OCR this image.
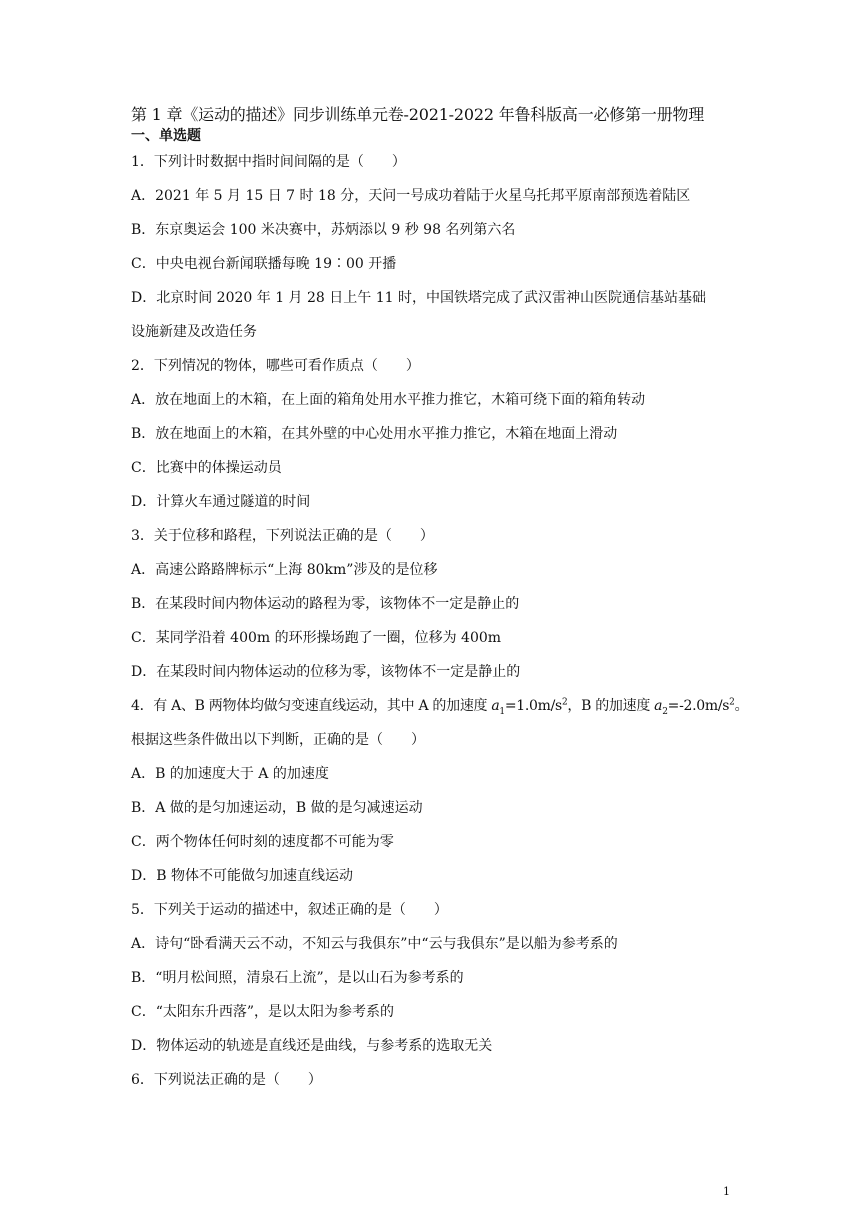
第 1 章《运动的描述》同步训练单元卷-2021-2022 年鲁科版高一必修第一册物理
一、单选题
1．下列计时数据中指时间间隔的是（　　）
A．2021 年 5 月 15 日 7 时 18 分，天问一号成功着陆于火星乌托邦平原南部预选着陆区
B．东京奥运会 100 米决赛中，苏炳添以 9 秒 98 名列第六名
C．中央电视台新闻联播每晚 19∶00 开播
D．北京时间 2020 年 1 月 28 日上午 11 时，中国铁塔完成了武汉雷神山医院通信基站基础
设施新建及改造任务
2．下列情况的物体，哪些可看作质点（　　）
A．放在地面上的木箱，在上面的箱角处用水平推力推它，木箱可绕下面的箱角转动
B．放在地面上的木箱，在其外壁的中心处用水平推力推它，木箱在地面上滑动
C．比赛中的体操运动员
D．计算火车通过隧道的时间
3．关于位移和路程，下列说法正确的是（　　）
A．高速公路路牌标示“上海 80km”涉及的是位移
B．在某段时间内物体运动的路程为零，该物体不一定是静止的
C．某同学沿着 400m 的环形操场跑了一圈，位移为 400m
D．在某段时间内物体运动的位移为零，该物体不一定是静止的
4．有 A、B 两物体均做匀变速直线运动，其中 A 的加速度 $a_1=1.0m/s^2$，B 的加速度 $a_2=-2.0m/s^2$。
根据这些条件做出以下判断，正确的是（　　）
A．B 的加速度大于 A 的加速度
B．A 做的是匀加速运动，B 做的是匀减速运动
C．两个物体任何时刻的速度都不可能为零
D．B 物体不可能做匀加速直线运动
5．下列关于运动的描述中，叙述正确的是（　　）
A．诗句“卧看满天云不动，不知云与我俱东”中“云与我俱东”是以船为参考系的
B．“明月松间照，清泉石上流”，是以山石为参考系的
C．“太阳东升西落”，是以太阳为参考系的
D．物体运动的轨迹是直线还是曲线，与参考系的选取无关
6．下列说法正确的是（　　）
1
